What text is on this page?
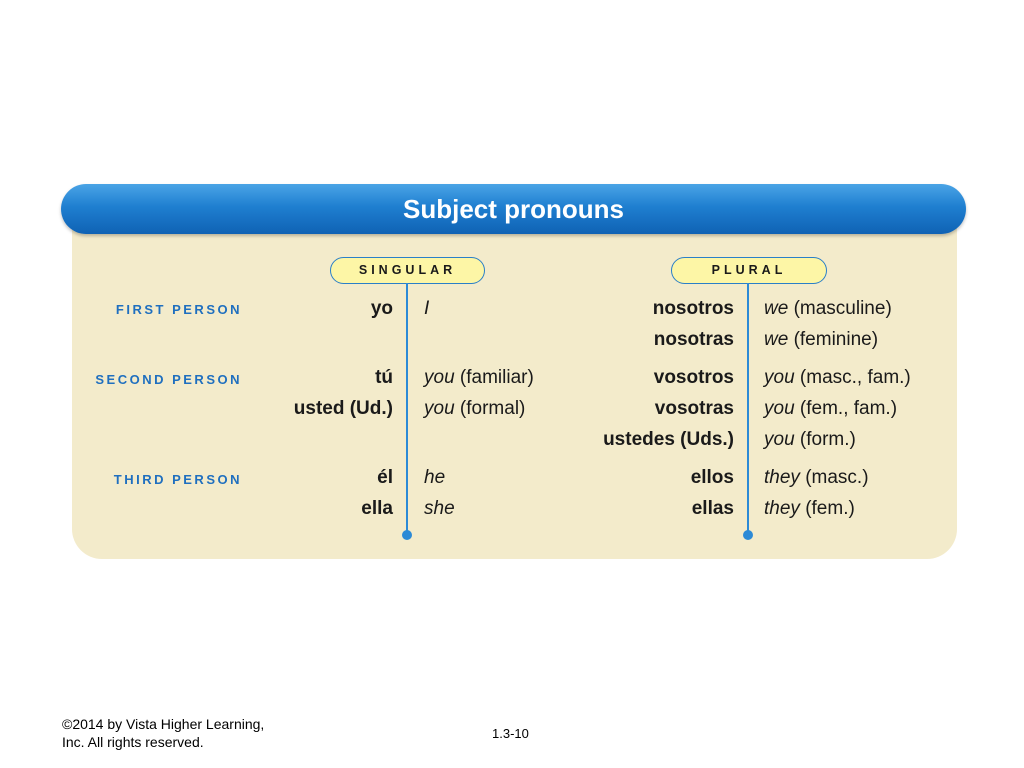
Subject pronouns
SINGULAR	PLURAL
FIRST PERSON
SECOND PERSON
THIRD PERSON
yo I
tú you (familiar)
usted (Ud.) you (formal)
él he
ella she
nosotros we (masculine)
nosotras we (feminine)
vosotros you (masc., fam.)
vosotras you (fem., fam.)
ustedes (Uds.) you (form.)
ellos they (masc.)
ellas they (fem.)
©2014 by Vista Higher Learning,
Inc. All rights reserved.
1.3-10
